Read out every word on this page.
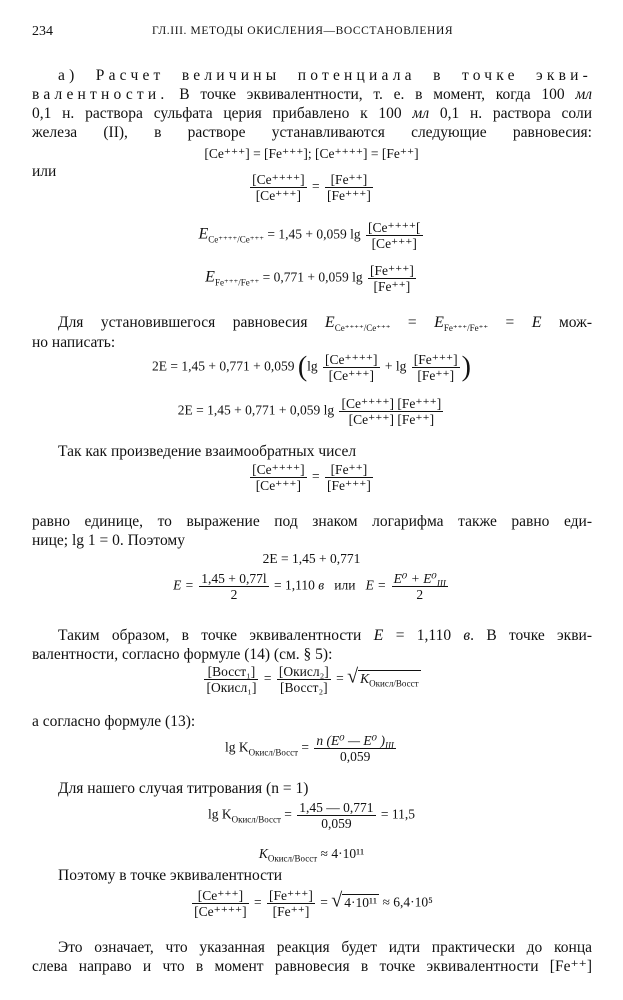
234	ГЛ.III. МЕТОДЫ ОКИСЛЕНИЯ—ВОССТАНОВЛЕНИЯ
а) Расчет величины потенциала в точке экви-
валентности. В точке эквивалентности, т. е. в момент, когда 100 мл
0,1 н. раствора сульфата церия прибавлено к 100 мл 0,1 н. раствора соли
железа (II), в растворе устанавливаются следующие равновесия:
[Ce⁺⁺⁺] = [Fe⁺⁺⁺]; [Ce⁺⁺⁺⁺] = [Fe⁺⁺]
или
$\frac{[Ce^{++++}]}{[Ce^{+++}]} = \frac{[Fe^{++}]}{[Fe^{+++}]}$
$E_{Ce^{++++}/Ce^{+++}} = 1,45 + 0,059$ $\lg \frac{[Ce^{++++}[}{[Ce^{+++}]}$
$E_{Fe^{+++}/Fe^{++}} = 0,771 + 0,059$ $\lg \frac{[Fe^{+++}]}{[Fe^{++}]}$
Для установившегося равновесия $E_{Ce^{++++}/Ce^{+++}} = E_{Fe^{+++}/Fe^{++}} = E$ мож-
но написать:
2E = 1,45 + 0,771 + 0,059 ($\lg \frac{[Ce^{++++}]}{[Ce^{+++}]} + \lg \frac{[Fe^{+++}]}{[Fe^{++}]}$ )
2E = 1,45 + 0,771 + 0,059 $\lg \frac{[Ce^{++++}] [Fe^{+++}]}{[Ce^{+++}] [Fe^{++}]}$
Так как произведение взаимообратных чисел
$\frac{[Ce^{++++}]}{[Ce^{+++}]} = \frac{[Fe^{++}]}{[Fe^{+++}]}$
равно единице, то выражение под знаком логарифма также равно еди-
нице; lg 1 = 0. Поэтому
2E = 1,45 + 0,771
$E = \frac{1,45 + 0,77l}{2} = 1,110$ в или $E = \frac{E^0 + E^0_{III}}{2}$
Таким образом, в точке эквивалентности E = 1,110 в. В точке экви-
валентности, согласно формуле (14) (см. § 5):
$\frac{\text{[Восст₁]}}{\text{[Окисл₁]}} = \frac{\text{[Окисл₂]}}{\text{[Восст₂]}}$ = √ $K_{Окисл/Восст}$
а согласно формуле (13):
$\lg K_{Окисл/Восст} = \frac{n (E^0 — E^0 )_{III}}{0,059}$
Для нашего случая титрования (n = 1)
$\lg K_{Окисл/Восст} = \frac{1,45 — 0,771}{0,059} = 11,5$
$K_{Окисл/Восст} \approx 4\cdot 10^{11}$
Поэтому в точке эквивалентности
$\frac{[Ce^{+++}]}{[Ce^{++++}]} = \frac{[Fe^{+++}]}{[Fe^{++}]}$ = √ 4·10¹¹ ≈ 6,4·10⁵
Это означает, что указанная реакция будет идти практически до конца
слева направо и что в момент равновесия в точке эквивалентности [Fe⁺⁺]
